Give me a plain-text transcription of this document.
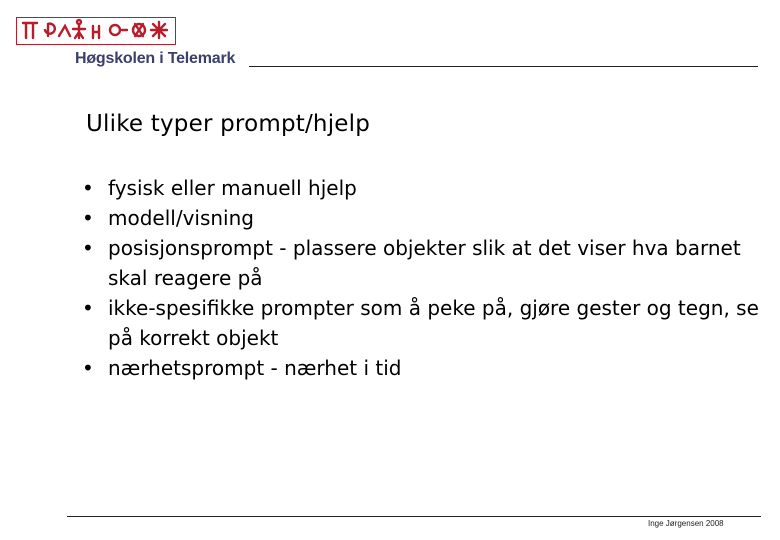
Høgskolen i Telemark
Ulike typer prompt/hjelp
• fysisk eller manuell hjelp
• modell/visning
• posisjonsprompt - plassere objekter slik at det viser hva barnet skal reagere på
• ikke-spesifikke prompter som å peke på, gjøre gester og tegn, se på korrekt objekt
• nærhetsprompt - nærhet i tid
Inge Jørgensen 2008
